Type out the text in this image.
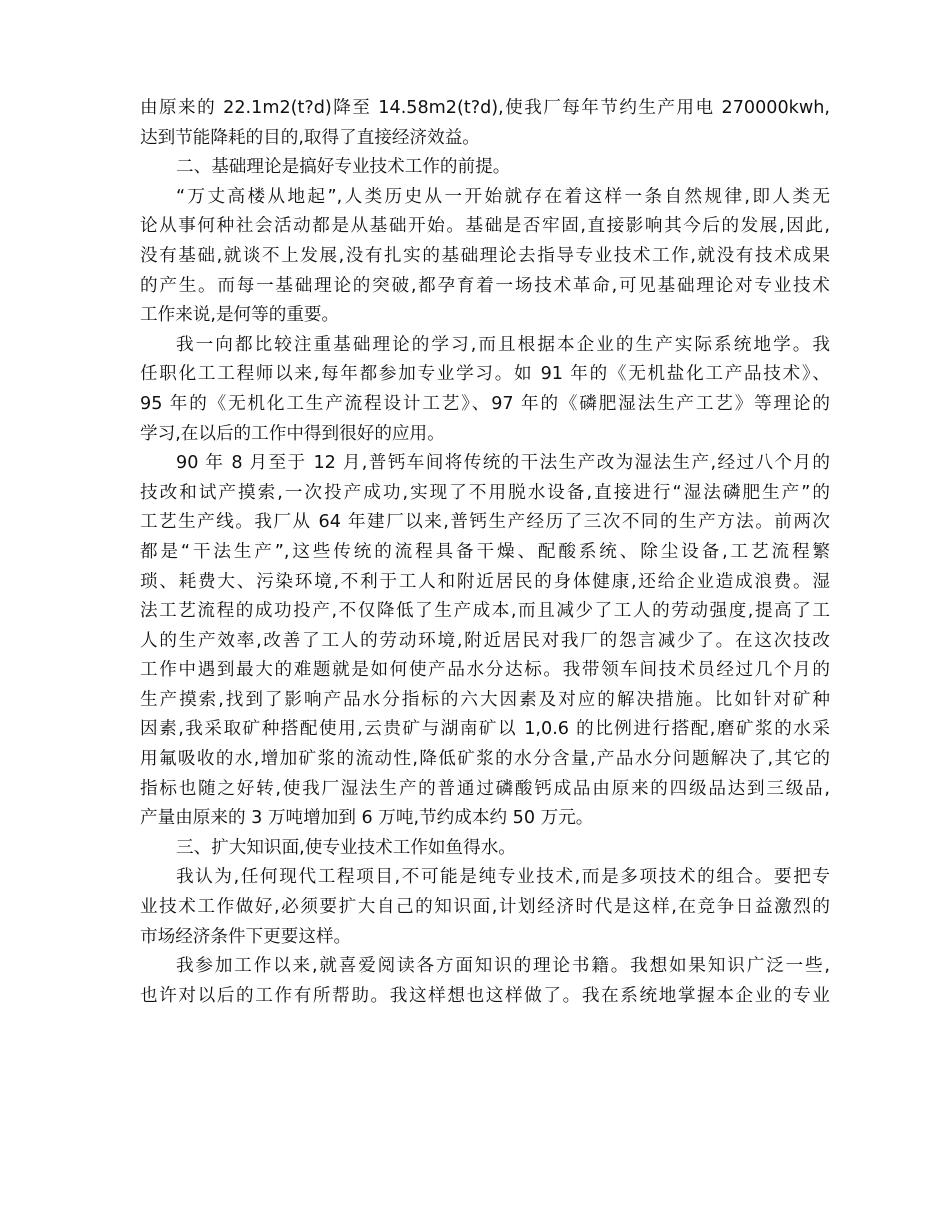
由原来的 22.1m2(t?d)降至 14.58m2(t?d),使我厂每年节约生产用电 270000kwh,
达到节能降耗的目的,取得了直接经济效益。
二、基础理论是搞好专业技术工作的前提。
“万丈高楼从地起”,人类历史从一开始就存在着这样一条自然规律,即人类无
论从事何种社会活动都是从基础开始。基础是否牢固,直接影响其今后的发展,因此,
没有基础,就谈不上发展,没有扎实的基础理论去指导专业技术工作,就没有技术成果
的产生。而每一基础理论的突破,都孕育着一场技术革命,可见基础理论对专业技术
工作来说,是何等的重要。
我一向都比较注重基础理论的学习,而且根据本企业的生产实际系统地学。我
任职化工工程师以来,每年都参加专业学习。如 91 年的《无机盐化工产品技术》、
95 年的《无机化工生产流程设计工艺》、97 年的《磷肥湿法生产工艺》等理论的
学习,在以后的工作中得到很好的应用。
90 年 8 月至于 12 月,普钙车间将传统的干法生产改为湿法生产,经过八个月的
技改和试产摸索,一次投产成功,实现了不用脱水设备,直接进行“湿法磷肥生产”的
工艺生产线。我厂从 64 年建厂以来,普钙生产经历了三次不同的生产方法。前两次
都是“干法生产”,这些传统的流程具备干燥、配酸系统、除尘设备,工艺流程繁
琐、耗费大、污染环境,不利于工人和附近居民的身体健康,还给企业造成浪费。湿
法工艺流程的成功投产,不仅降低了生产成本,而且减少了工人的劳动强度,提高了工
人的生产效率,改善了工人的劳动环境,附近居民对我厂的怨言减少了。在这次技改
工作中遇到最大的难题就是如何使产品水分达标。我带领车间技术员经过几个月的
生产摸索,找到了影响产品水分指标的六大因素及对应的解决措施。比如针对矿种
因素,我采取矿种搭配使用,云贵矿与湖南矿以 1,0.6 的比例进行搭配,磨矿浆的水采
用氟吸收的水,增加矿浆的流动性,降低矿浆的水分含量,产品水分问题解决了,其它的
指标也随之好转,使我厂湿法生产的普通过磷酸钙成品由原来的四级品达到三级品,
产量由原来的 3 万吨增加到 6 万吨,节约成本约 50 万元。
三、扩大知识面,使专业技术工作如鱼得水。
我认为,任何现代工程项目,不可能是纯专业技术,而是多项技术的组合。要把专
业技术工作做好,必须要扩大自己的知识面,计划经济时代是这样,在竞争日益激烈的
市场经济条件下更要这样。
我参加工作以来,就喜爱阅读各方面知识的理论书籍。我想如果知识广泛一些,
也许对以后的工作有所帮助。我这样想也这样做了。我在系统地掌握本企业的专业
